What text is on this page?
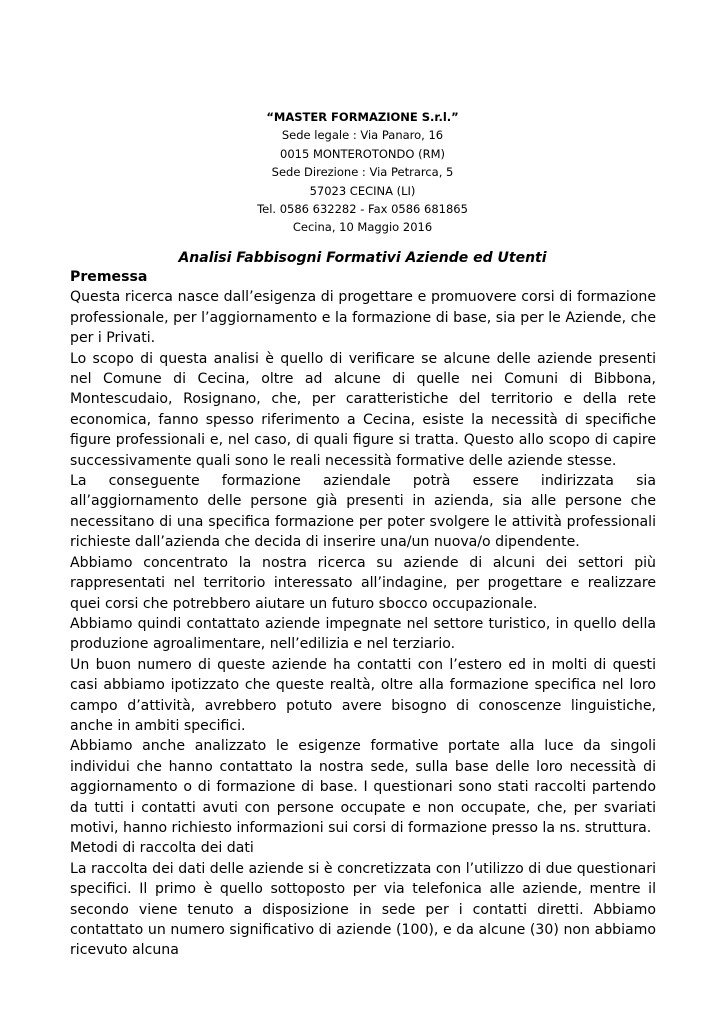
“MASTER FORMAZIONE S.r.l.”
Sede legale : Via Panaro, 16
0015 MONTEROTONDO (RM)
Sede Direzione : Via Petrarca, 5
57023 CECINA (LI)
Tel. 0586 632282 - Fax 0586 681865
Cecina, 10 Maggio 2016
Analisi Fabbisogni Formativi Aziende ed Utenti

Premessa

Questa ricerca nasce dall’esigenza di progettare e promuovere corsi di formazione professionale, per l’aggiornamento e la formazione di base, sia per le Aziende, che per i Privati.

Lo scopo di questa analisi è quello di verificare se alcune delle aziende presenti nel Comune di Cecina, oltre ad alcune di quelle nei Comuni di Bibbona, Montescudaio, Rosignano, che, per caratteristiche del territorio e della rete economica, fanno spesso riferimento a Cecina, esiste la necessità di specifiche figure professionali e, nel caso, di quali figure si tratta. Questo allo scopo di capire successivamente quali sono le reali necessità formative delle aziende stesse.

La conseguente formazione aziendale potrà essere indirizzata sia all’aggiornamento delle persone già presenti in azienda, sia alle persone che necessitano di una specifica formazione per poter svolgere le attività professionali richieste dall’azienda che decida di inserire una/un nuova/o dipendente.

Abbiamo concentrato la nostra ricerca su aziende di alcuni dei settori più rappresentati nel territorio interessato all’indagine, per progettare e realizzare quei corsi che potrebbero aiutare un futuro sbocco occupazionale.

Abbiamo quindi contattato aziende impegnate nel settore turistico, in quello della produzione agroalimentare, nell’edilizia e nel terziario.

Un buon numero di queste aziende ha contatti con l’estero ed in molti di questi casi abbiamo ipotizzato che queste realtà, oltre alla formazione specifica nel loro campo d’attività, avrebbero potuto avere bisogno di conoscenze linguistiche, anche in ambiti specifici.

Abbiamo anche analizzato le esigenze formative portate alla luce da singoli individui che hanno contattato la nostra sede, sulla base delle loro necessità di aggiornamento o di formazione di base. I questionari sono stati raccolti partendo da tutti i contatti avuti con persone occupate e non occupate, che, per svariati motivi, hanno richiesto informazioni sui corsi di formazione presso la ns. struttura.

Metodi di raccolta dei dati

La raccolta dei dati delle aziende si è concretizzata con l’utilizzo di due questionari specifici. Il primo è quello sottoposto per via telefonica alle aziende, mentre il secondo viene tenuto a disposizione in sede per i contatti diretti. Abbiamo contattato un numero significativo di aziende (100), e da alcune (30) non abbiamo ricevuto alcuna
